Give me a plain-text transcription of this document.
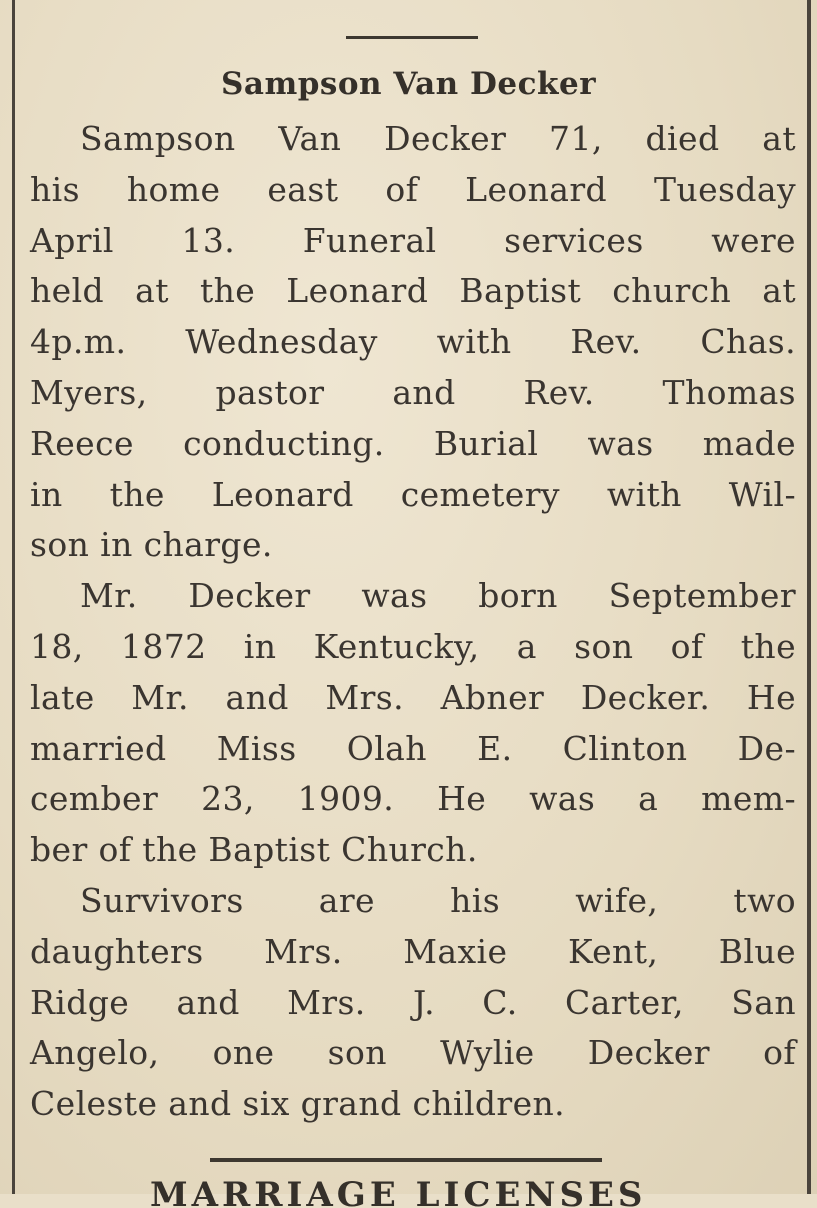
Sampson Van Decker
Sampson Van Decker 71, died at
his home east of Leonard Tuesday
April 13. Funeral services were
held at the Leonard Baptist church at
4p.m. Wednesday with Rev. Chas.
Myers, pastor and Rev. Thomas
Reece conducting. Burial was made
in the Leonard cemetery with Wil-
son in charge.
Mr. Decker was born September
18, 1872 in Kentucky, a son of the
late Mr. and Mrs. Abner Decker. He
married Miss Olah E. Clinton De-
cember 23, 1909. He was a mem-
ber of the Baptist Church.
Survivors are his wife, two
daughters Mrs. Maxie Kent, Blue
Ridge and Mrs. J. C. Carter, San
Angelo, one son Wylie Decker of
Celeste and six grand children.
MARRIAGE LICENSES
